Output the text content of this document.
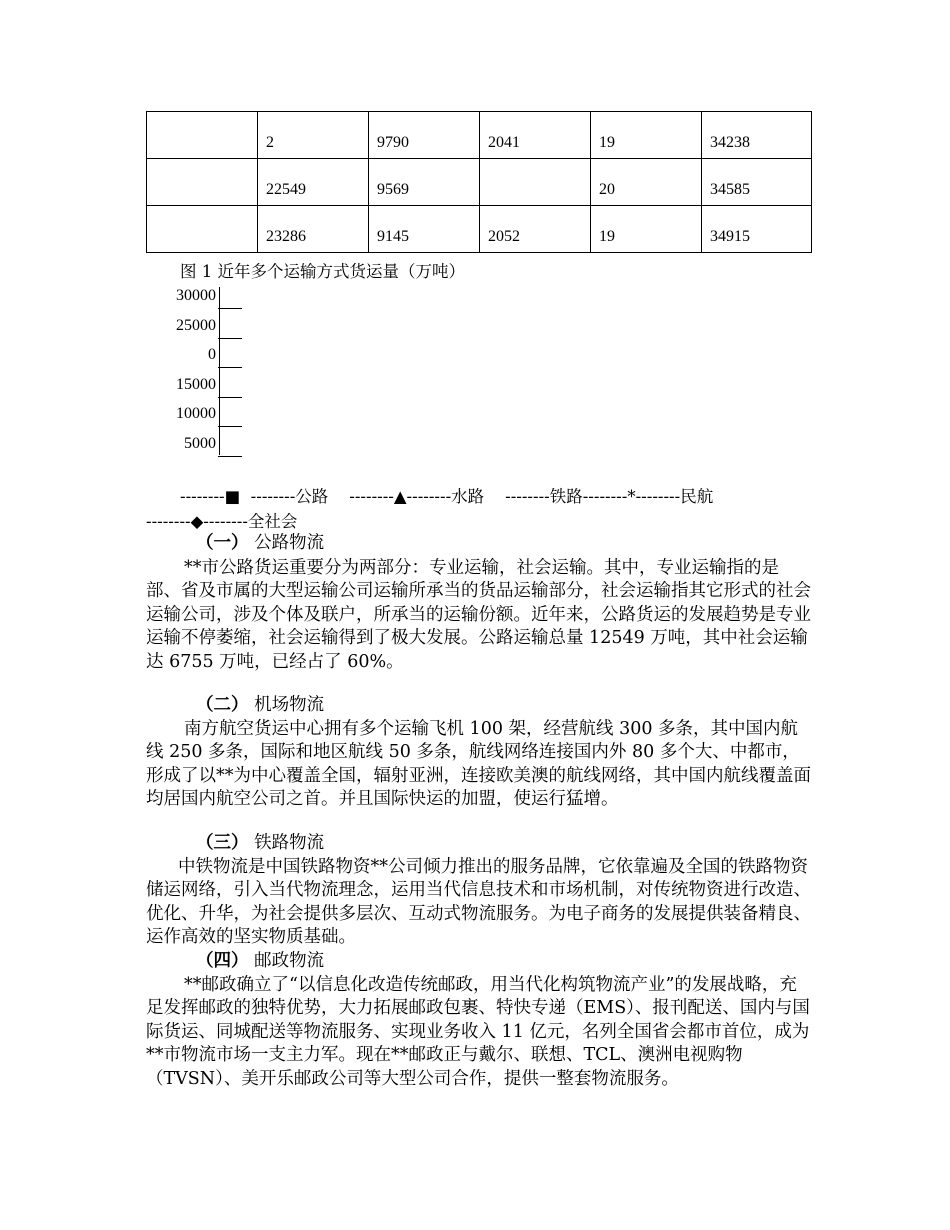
	2	9790	2041	19	34238
	22549	9569		20	34585
	23286	9145	2052	19	34915
图 1 近年多个运输方式货运量（万吨）
30000
25000
0
15000
10000
5000
--------■  --------公路    --------▲--------水路    --------铁路--------*--------民航
--------◆--------全社会
（一） 公路物流

**市公路货运重要分为两部分：专业运输，社会运输。其中，专业运输指的是部、省及市属的大型运输公司运输所承当的货品运输部分，社会运输指其它形式的社会运输公司，涉及个体及联户，所承当的运输份额。近年来，公路货运的发展趋势是专业运输不停萎缩，社会运输得到了极大发展。公路运输总量 12549 万吨，其中社会运输达 6755 万吨，已经占了 60%。

（二） 机场物流

南方航空货运中心拥有多个运输飞机 100 架，经营航线 300 多条，其中国内航线 250 多条，国际和地区航线 50 多条，航线网络连接国内外 80 多个大、中都市，形成了以**为中心覆盖全国，辐射亚洲，连接欧美澳的航线网络，其中国内航线覆盖面均居国内航空公司之首。并且国际快运的加盟，使运行猛增。

（三） 铁路物流

中铁物流是中国铁路物资**公司倾力推出的服务品牌，它依靠遍及全国的铁路物资储运网络，引入当代物流理念，运用当代信息技术和市场机制，对传统物资进行改造、优化、升华，为社会提供多层次、互动式物流服务。为电子商务的发展提供装备精良、运作高效的坚实物质基础。

（四） 邮政物流

**邮政确立了“以信息化改造传统邮政，用当代化构筑物流产业”的发展战略，充足发挥邮政的独特优势，大力拓展邮政包裹、特快专递（EMS）、报刊配送、国内与国际货运、同城配送等物流服务、实现业务收入 11 亿元，名列全国省会都市首位，成为**市物流市场一支主力军。现在**邮政正与戴尔、联想、TCL、澳洲电视购物（TVSN）、美开乐邮政公司等大型公司合作，提供一整套物流服务。
